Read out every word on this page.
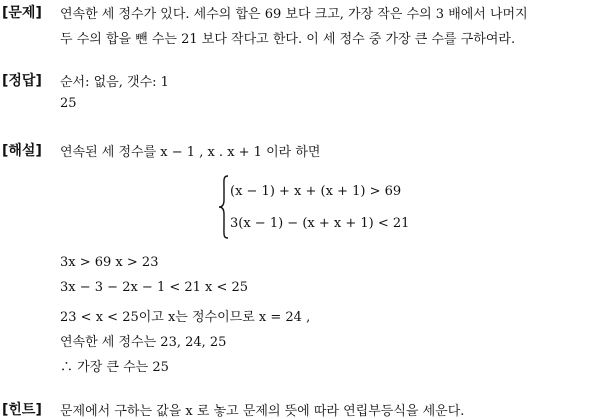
[문제] 연속한 세 정수가 있다. 세수의 합은 69 보다 크고, 가장 작은 수의 3 배에서 나머지
두 수의 합을 뺀 수는 21 보다 작다고 한다. 이 세 정수 중 가장 큰 수를 구하여라.
[정답] 순서: 없음, 갯수: 1
25
[해설] 연속된 세 정수를 x − 1 , x . x + 1 이라 하면
(x − 1) + x + (x + 1) > 69
3(x − 1) − (x + x + 1) < 21
3x > 69 x > 23
3x − 3 − 2x − 1 < 21 x < 25
23 < x < 25이고 x는 정수이므로 x = 24 ,
연속한 세 정수는 23, 24, 25
∴ 가장 큰 수는 25
[힌트] 문제에서 구하는 값을 x 로 놓고 문제의 뜻에 따라 연립부등식을 세운다.
